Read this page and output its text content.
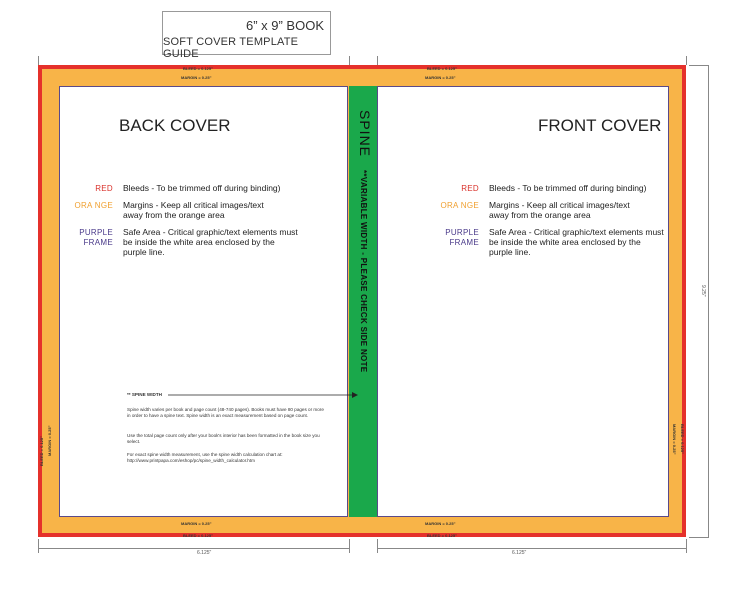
6” x 9” BOOK
SOFT COVER TEMPLATE GUIDE
BLEED = 0.125"	BLEED = 0.125"
MARGIN = 0.25"	MARGIN = 0.25"
MARGIN = 0.25"	MARGIN = 0.25"
BLEED = 0.125"	BLEED = 0.125"
BLEED = 0.125" MARGIN = 0.25"	BLEED = 0.125"
MARGIN = 0.25"
BACK COVER
RED Bleeds - To be trimmed off during binding)
ORA NGE Margins - Keep all critical images/text away from the orange area
PURPLE
FRAME
Safe Area - Critical graphic/text elements must be inside the white area enclosed by the purple line.
FRONT COVER
RED Bleeds - To be trimmed off during binding)
ORA NGE Margins - Keep all critical images/text away from the orange area
PURPLE
FRAME
Safe Area - Critical graphic/text elements must be inside the white area enclosed by the purple line.
SPINE
**VARIABLE WIDTH - PLEASE CHECK SIDE NOTE
** SPINE WIDTH
Spine width varies per book and page count (48-740 pages). Books must have 80 pages or more in order to have a spine text. Spine width is an exact measurement based on page count.
Use the total page count only after your book's interior has been formatted in the book size you select.
For exact spine width measurement, use the spine width calculation chart at: http://www.printpapa.com/eshop/pc/spine_width_calculator.htm
6.125"	6.125"
9.25"
